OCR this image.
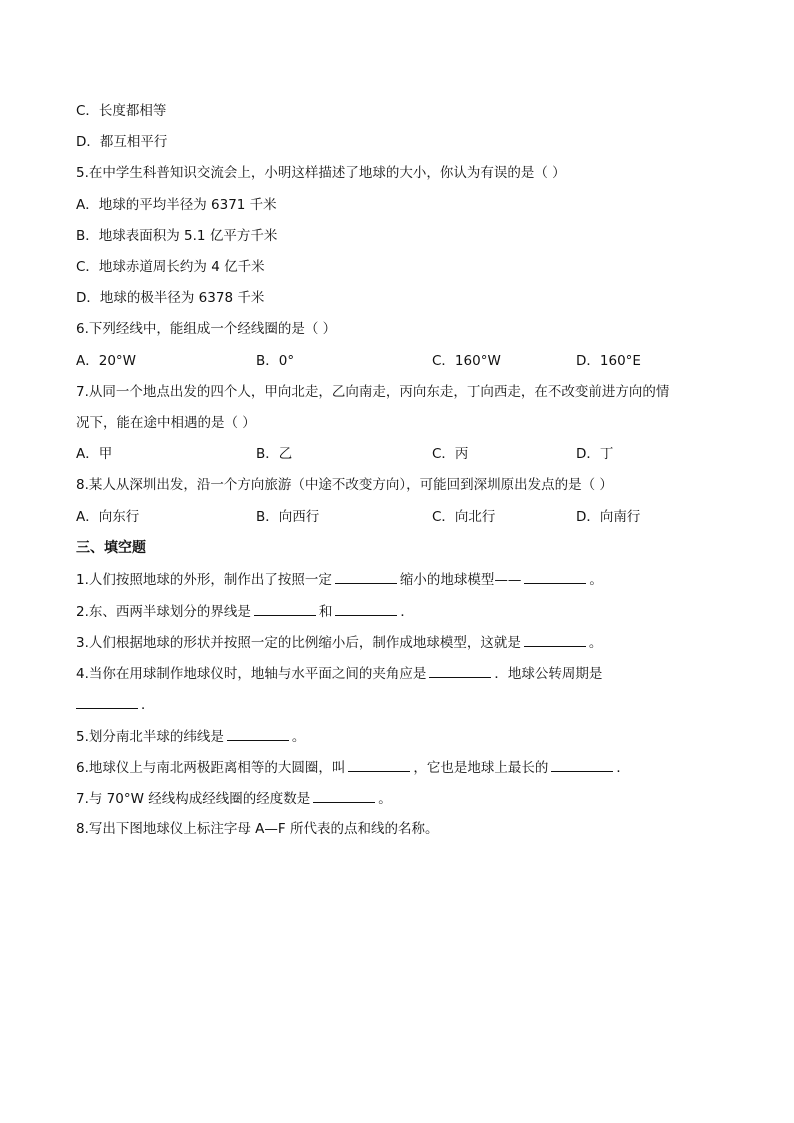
C．长度都相等
D．都互相平行
5.在中学生科普知识交流会上，小明这样描述了地球的大小，你认为有误的是（ ）
A．地球的平均半径为 6371 千米
B．地球表面积为 5.1 亿平方千米
C．地球赤道周长约为 4 亿千米
D．地球的极半径为 6378 千米
6.下列经线中，能组成一个经线圈的是（ ）
A．20°W	B．0°	C．160°W	D．160°E
7.从同一个地点出发的四个人，甲向北走，乙向南走，丙向东走，丁向西走，在不改变前进方向的情
况下，能在途中相遇的是（ ）
A．甲	B．乙	C．丙	D．丁
8.某人从深圳出发，沿一个方向旅游（中途不改变方向），可能回到深圳原出发点的是（ ）
A．向东行	B．向西行	C．向北行	D．向南行
三、填空题
1.人们按照地球的外形，制作出了按照一定	缩小的地球模型——	。
2.东、西两半球划分的界线是	和	．
3.人们根据地球的形状并按照一定的比例缩小后，制作成地球模型，这就是	。
4.当你在用球制作地球仪时，地轴与水平面之间的夹角应是	．地球公转周期是
．
5.划分南北半球的纬线是	。
6.地球仪上与南北两极距离相等的大圆圈，叫	，它也是地球上最长的	．
7.与 70°W 经线构成经线圈的经度数是	。
8.写出下图地球仪上标注字母 A—F 所代表的点和线的名称。
